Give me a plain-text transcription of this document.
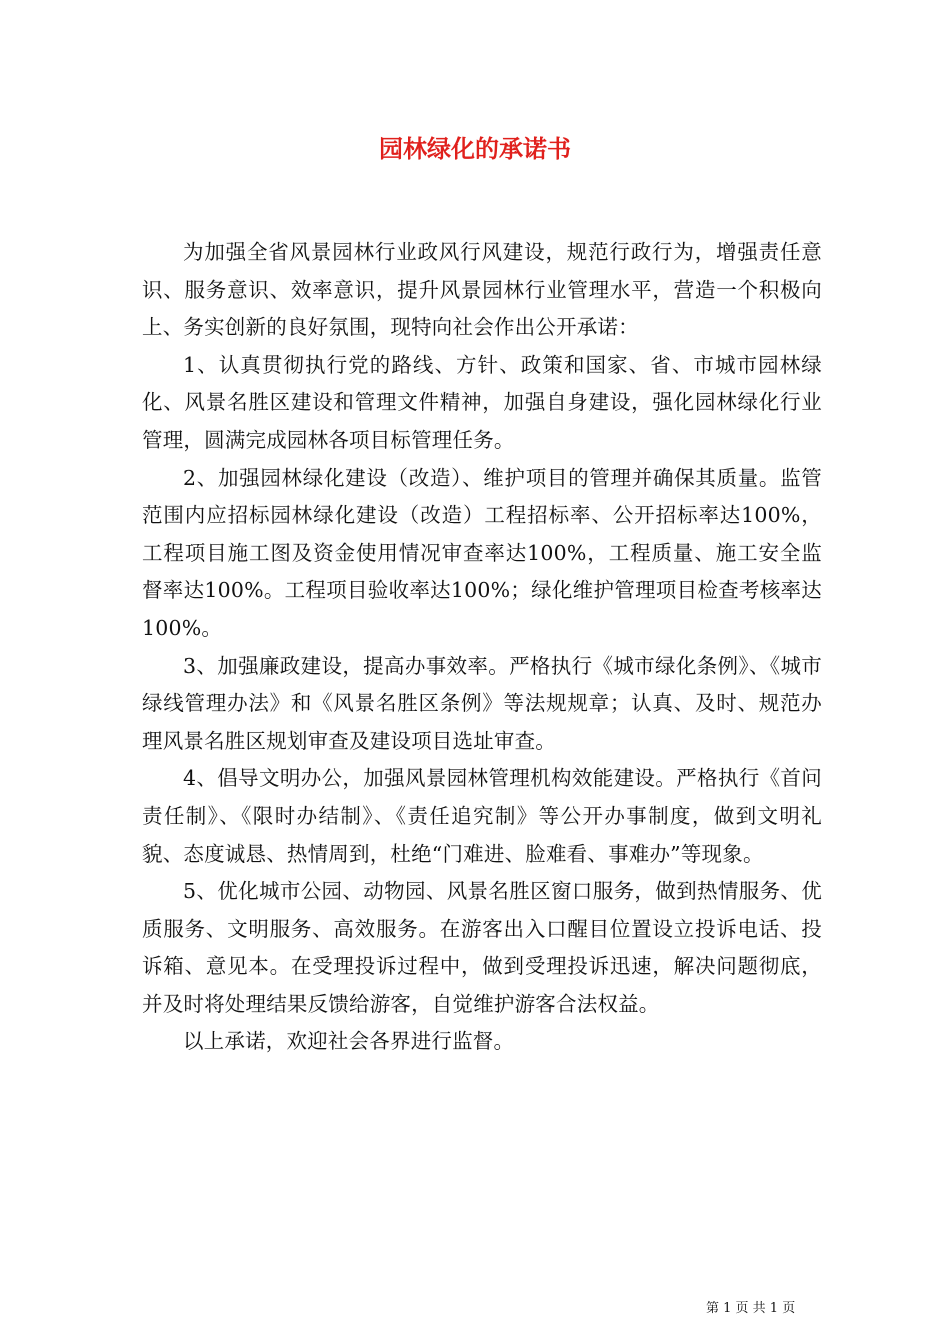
园林绿化的承诺书

为加强全省风景园林行业政风行风建设，规范行政行为，增强责任意识、服务意识、效率意识，提升风景园林行业管理水平，营造一个积极向上、务实创新的良好氛围，现特向社会作出公开承诺：

1、认真贯彻执行党的路线、方针、政策和国家、省、市城市园林绿化、风景名胜区建设和管理文件精神，加强自身建设，强化园林绿化行业管理，圆满完成园林各项目标管理任务。

2、加强园林绿化建设（改造）、维护项目的管理并确保其质量。监管范围内应招标园林绿化建设（改造）工程招标率、公开招标率达100%，工程项目施工图及资金使用情况审查率达100%，工程质量、施工安全监督率达100%。工程项目验收率达100%；绿化维护管理项目检查考核率达100%。

3、加强廉政建设，提高办事效率。严格执行《城市绿化条例》、《城市绿线管理办法》和《风景名胜区条例》等法规规章；认真、及时、规范办理风景名胜区规划审查及建设项目选址审查。

4、倡导文明办公，加强风景园林管理机构效能建设。严格执行《首问责任制》、《限时办结制》、《责任追究制》等公开办事制度，做到文明礼貌、态度诚恳、热情周到，杜绝“门难进、脸难看、事难办”等现象。

5、优化城市公园、动物园、风景名胜区窗口服务，做到热情服务、优质服务、文明服务、高效服务。在游客出入口醒目位置设立投诉电话、投诉箱、意见本。在受理投诉过程中，做到受理投诉迅速，解决问题彻底，并及时将处理结果反馈给游客，自觉维护游客合法权益。

以上承诺，欢迎社会各界进行监督。

第 1 页 共 1 页
